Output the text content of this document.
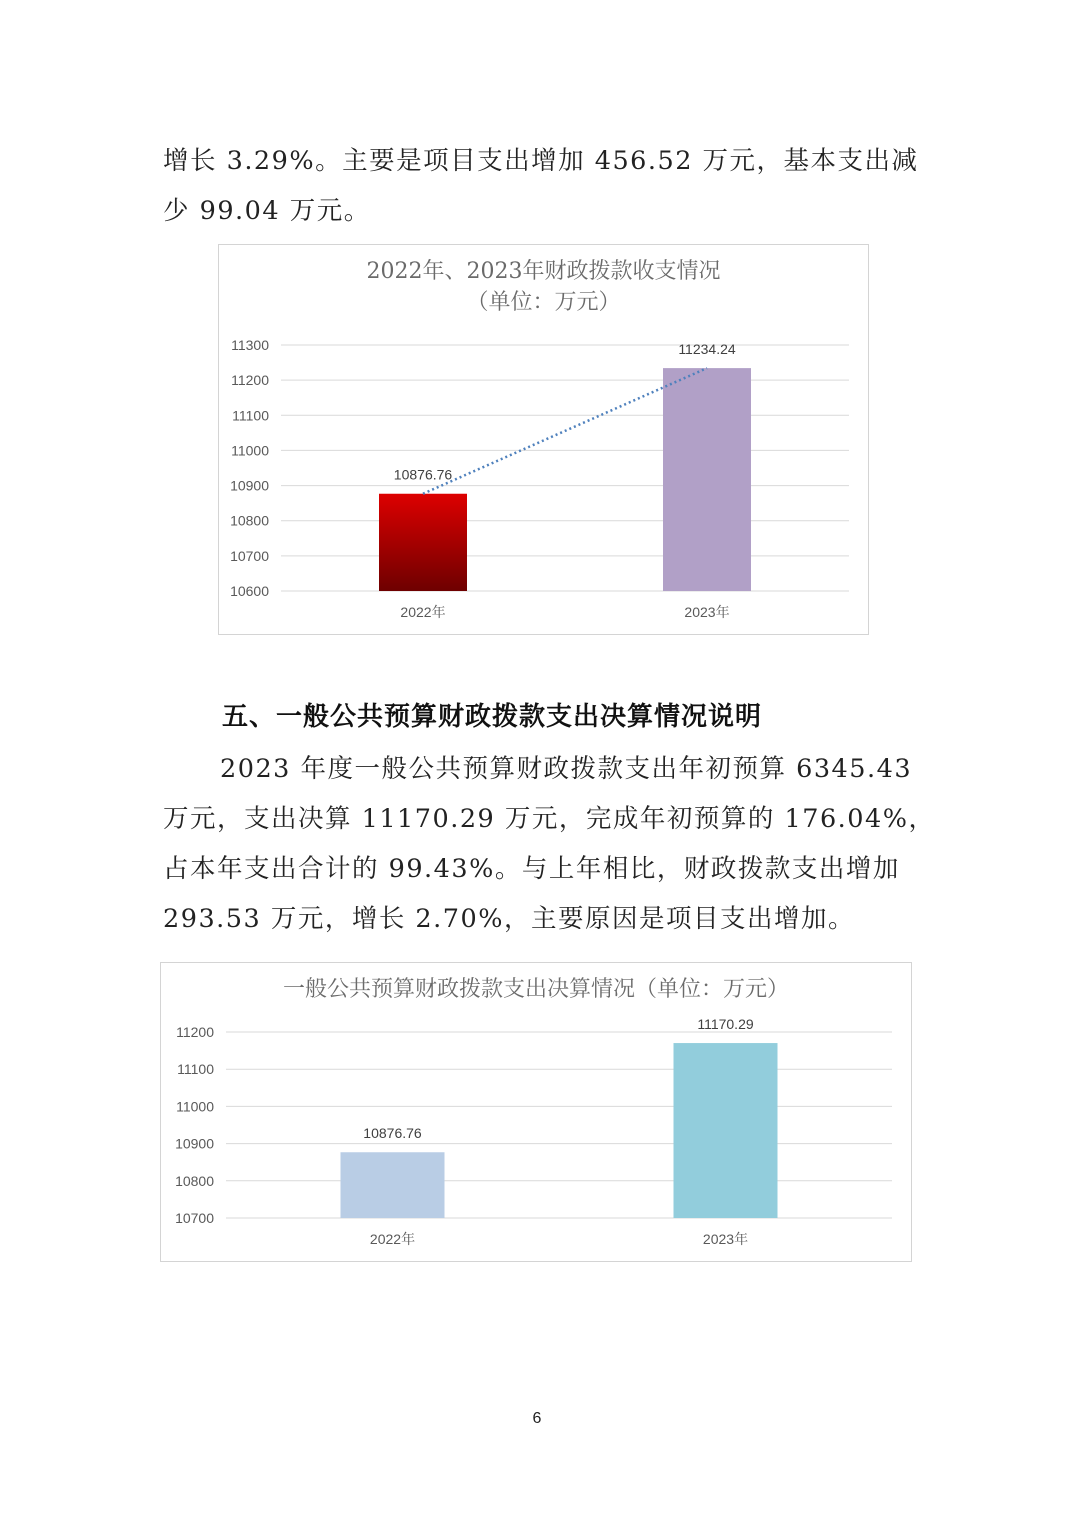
增长 3.29%。主要是项目支出增加 456.52 万元，基本支出减
少 99.04 万元。
2022年、2023年财政拨款收支情况
（单位：万元）
10600
10700
10800
10900
11000
11100
11200
11300
10876.76
2022年
11234.24
2023年
五、一般公共预算财政拨款支出决算情况说明
2023 年度一般公共预算财政拨款支出年初预算 6345.43
万元，支出决算 11170.29 万元，完成年初预算的 176.04%，
占本年支出合计的 99.43%。与上年相比，财政拨款支出增加
293.53 万元，增长 2.70%，主要原因是项目支出增加。
一般公共预算财政拨款支出决算情况（单位：万元）
10700
10800
10900
11000
11100
11200
10876.76
2022年
11170.29
2023年
6
